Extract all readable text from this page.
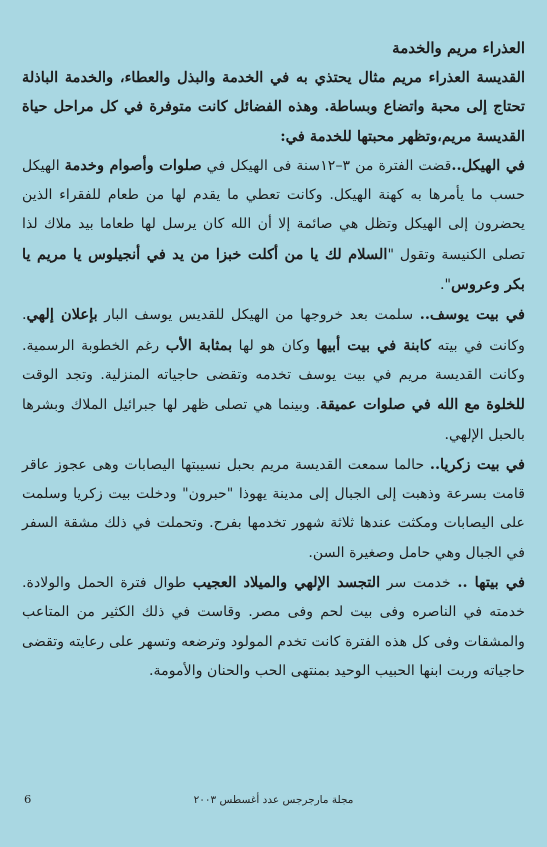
العذراء مريم والخدمة

القديسة العذراء مريم مثال يحتذي به في الخدمة والبذل والعطاء، والخدمة الباذلة تحتاج إلى محبة واتضاع وبساطة. وهذه الفضائل كانت متوفرة في كل مراحل حياة القديسة مريم،وتظهر محبتها للخدمة في:

في الهيكل..قضت الفترة من ٣–١٢سنة فى الهيكل في صلوات وأصوام وخدمة الهيكل حسب ما يأمرها به كهنة الهيكل. وكانت تعطي ما يقدم لها من طعام للفقراء الذين يحضرون إلى الهيكل وتظل هي صائمة إلا أن الله كان يرسل لها طعاما بيد ملاك لذا تصلى الكنيسة وتقول "السلام لك يا من أكلت خبزا من يد في أنجيلوس يا مريم يا بكر وعروس".

في بيت يوسف.. سلمت بعد خروجها من الهيكل للقديس يوسف البار بإعلان إلهي. وكانت في بيته كابنة في بيت أبيها وكان هو لها بمثابة الأب رغم الخطوبة الرسمية. وكانت القديسة مريم في بيت يوسف تخدمه وتقضى حاجياته المنزلية. وتجد الوقت للخلوة مع الله في صلوات عميقة. وبينما هي تصلى ظهر لها جبرائيل الملاك وبشرها بالحبل الإلهي.

في بيت زكريا.. حالما سمعت القديسة مريم بحبل نسيبتها اليصابات وهى عجوز عاقر قامت بسرعة وذهبت إلى الجبال إلى مدينة يهوذا "حبرون" ودخلت بيت زكريا وسلمت على اليصابات ومكثت عندها ثلاثة شهور تخدمها بفرح. وتحملت في ذلك مشقة السفر في الجبال وهي حامل وصغيرة السن.

في بيتها .. خدمت سر التجسد الإلهي والميلاد العجيب طوال فترة الحمل والولادة. خدمته في الناصره وفى بيت لحم وفى مصر. وقاست في ذلك الكثير من المتاعب والمشقات وفى كل هذه الفترة كانت تخدم المولود وترضعه وتسهر على رعايته وتقضى حاجياته وربت ابنها الحبيب الوحيد بمنتهى الحب والحنان والأمومة.

6	مجلة مارجرجس عدد أغسطس ٢٠٠٣
